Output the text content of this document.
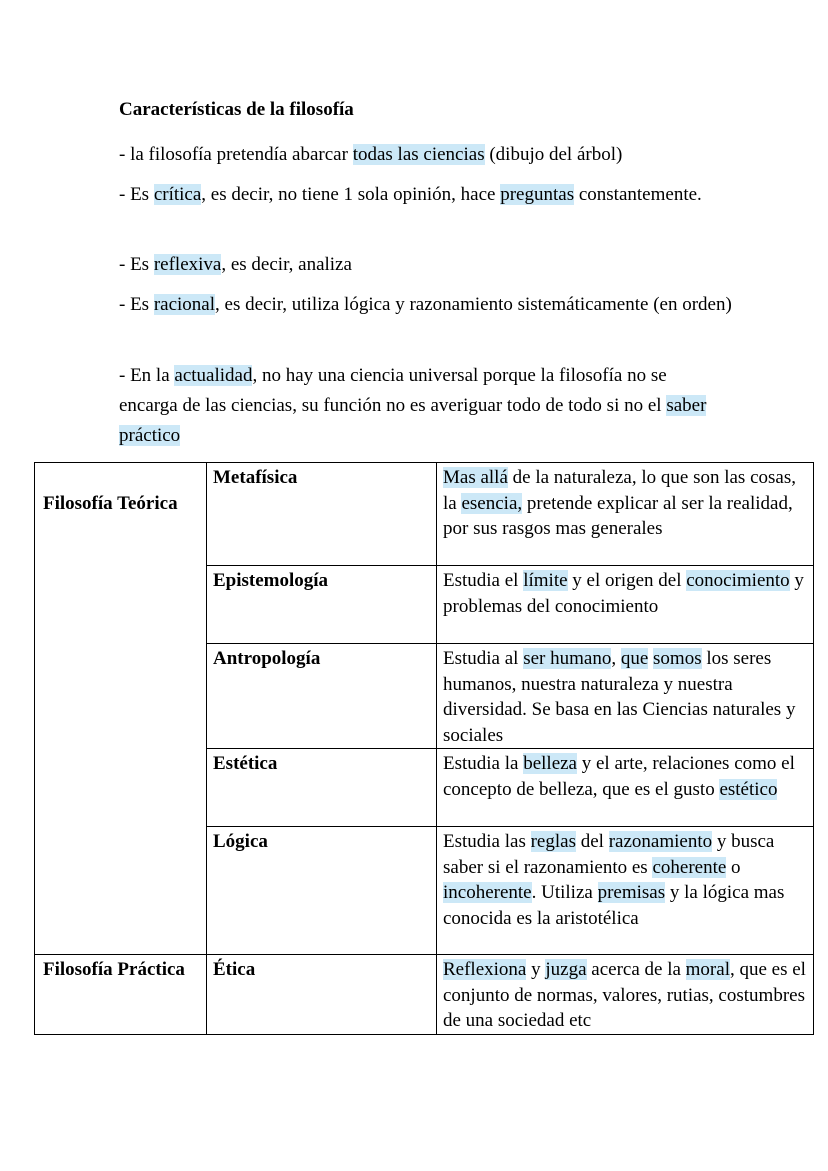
Características de la filosofía

- la filosofía pretendía abarcar todas las ciencias (dibujo del árbol)

- Es crítica, es decir, no tiene 1 sola opinión, hace preguntas constantemente.

- Es reflexiva, es decir, analiza

- Es racional, es decir, utiliza lógica y razonamiento sistemáticamente (en orden)

- En la actualidad, no hay una ciencia universal porque la filosofía no se encarga de las ciencias, su función no es averiguar todo de todo si no el saber práctico

Filosofía Teórica	Metafísica	Mas allá de la naturaleza, lo que son las cosas, la esencia, pretende explicar al ser la realidad, por sus rasgos mas generales
	Epistemología	Estudia el límite y el origen del conocimiento y problemas del conocimiento
	Antropología	Estudia al ser humano, que somos los seres humanos, nuestra naturaleza y nuestra diversidad. Se basa en las Ciencias naturales y sociales
	Estética	Estudia la belleza y el arte, relaciones como el concepto de belleza, que es el gusto estético
	Lógica	Estudia las reglas del razonamiento y busca saber si el razonamiento es coherente o incoherente. Utiliza premisas y la lógica mas conocida es la aristotélica

Filosofía Práctica	Ética	Reflexiona y juzga acerca de la moral, que es el conjunto de normas, valores, rutias, costumbres de una sociedad etc
